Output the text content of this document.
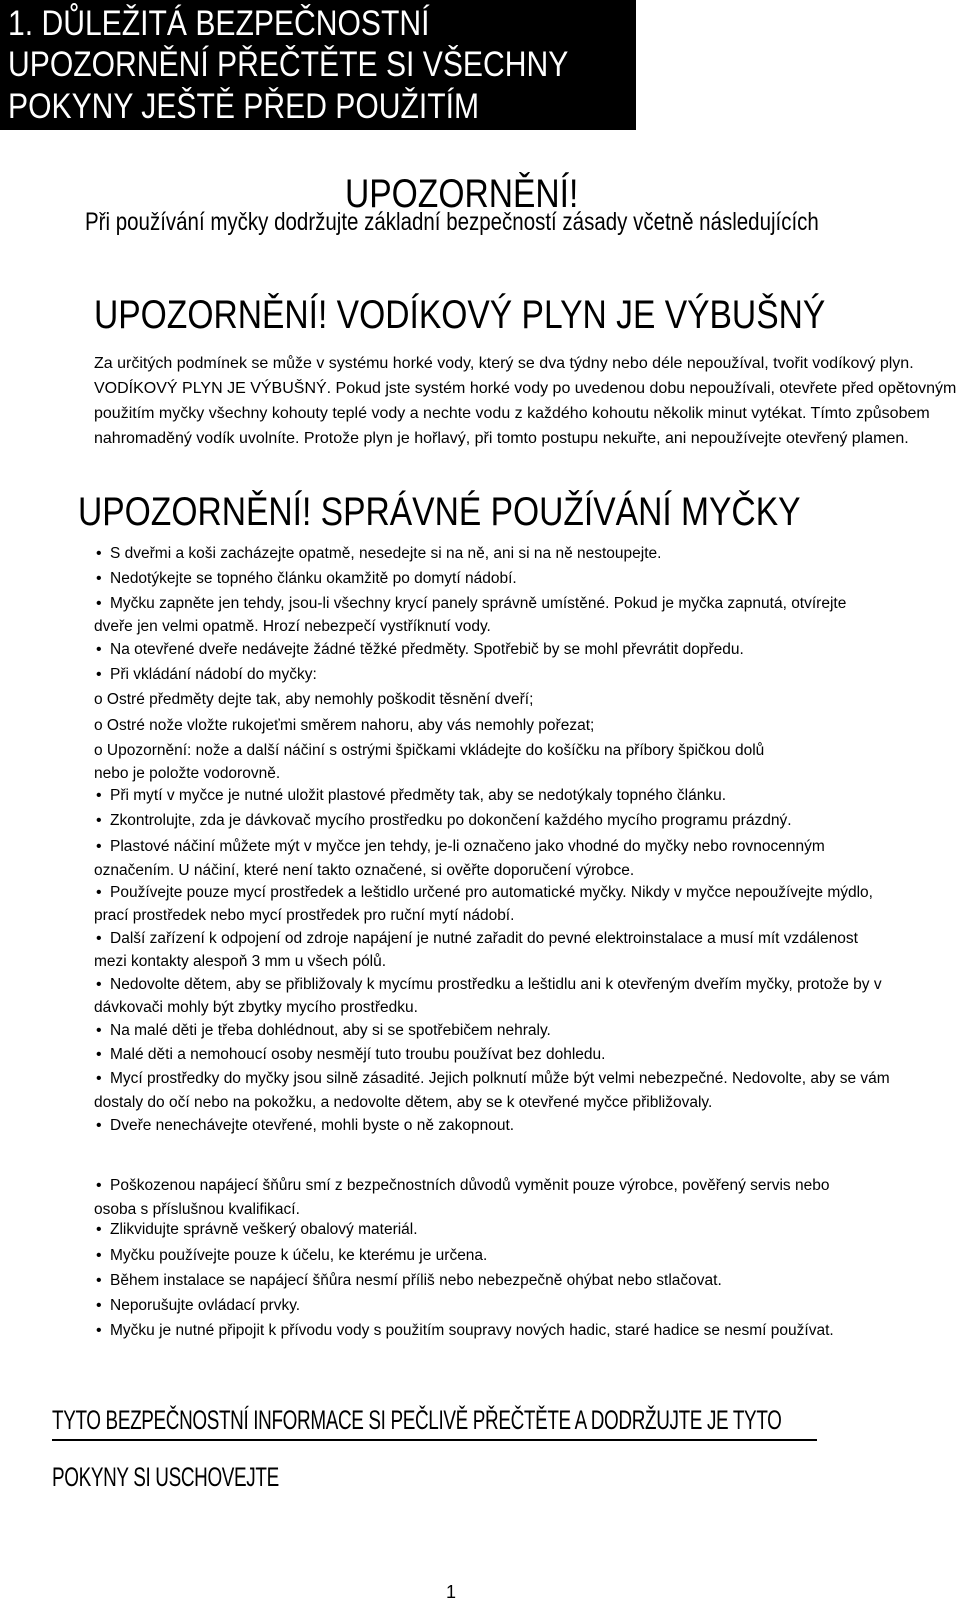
1. DŮLEŽITÁ BEZPEČNOSTNÍ
UPOZORNĚNÍ PŘEČTĚTE SI VŠECHNY
POKYNY JEŠTĚ PŘED POUŽITÍM
UPOZORNĚNÍ!
Při používání myčky dodržujte základní bezpečností zásady včetně následujících
UPOZORNĚNÍ! VODÍKOVÝ PLYN JE VÝBUŠNÝ

Za určitých podmínek se může v systému horké vody, který se dva týdny nebo déle nepoužíval, tvořit vodíkový plyn. VODÍKOVÝ PLYN JE VÝBUŠNÝ. Pokud jste systém horké vody po uvedenou dobu nepoužívali, otevřete před opětovným použitím myčky všechny kohouty teplé vody a nechte vodu z každého kohoutu několik minut vytékat. Tímto způsobem nahromaděný vodík uvolníte. Protože plyn je hořlavý, při tomto postupu nekuřte, ani nepoužívejte otevřený plamen.

UPOZORNĚNÍ! SPRÁVNÉ POUŽÍVÁNÍ MYČKY
• S dveřmi a koši zacházejte opatmě, nesedejte si na ně, ani si na ně nestoupejte.
• Nedotýkejte se topného článku okamžitě po domytí nádobí.
• Myčku zapněte jen tehdy, jsou-li všechny krycí panely správně umístěné. Pokud je myčka zapnutá, otvírejte
dveře jen velmi opatmě. Hrozí nebezpečí vystříknutí vody.
• Na otevřené dveře nedávejte žádné těžké předměty. Spotřebič by se mohl převrátit dopředu.
• Při vkládání nádobí do myčky:
o Ostré předměty dejte tak, aby nemohly poškodit těsnění dveří;
o Ostré nože vložte rukojeťmi směrem nahoru, aby vás nemohly pořezat;
o Upozornění: nože a další náčiní s ostrými špičkami vkládejte do košíčku na příbory špičkou dolů
nebo je položte vodorovně.
• Při mytí v myčce je nutné uložit plastové předměty tak, aby se nedotýkaly topného článku.
• Zkontrolujte, zda je dávkovač mycího prostředku po dokončení každého mycího programu prázdný.
• Plastové náčiní můžete mýt v myčce jen tehdy, je-li označeno jako vhodné do myčky nebo rovnocenným
označením. U náčiní, které není takto označené, si ověřte doporučení výrobce.
• Používejte pouze mycí prostředek a leštidlo určené pro automatické myčky. Nikdy v myčce nepoužívejte mýdlo,
prací prostředek nebo mycí prostředek pro ruční mytí nádobí.
• Další zařízení k odpojení od zdroje napájení je nutné zařadit do pevné elektroinstalace a musí mít vzdálenost
mezi kontakty alespoň 3 mm u všech pólů.
• Nedovolte dětem, aby se přibližovaly k mycímu prostředku a leštidlu ani k otevřeným dveřím myčky, protože by v
dávkovači mohly být zbytky mycího prostředku.
• Na malé děti je třeba dohlédnout, aby si se spotřebičem nehraly.
• Malé děti a nemohoucí osoby nesmějí tuto troubu používat bez dohledu.
• Mycí prostředky do myčky jsou silně zásadité. Jejich polknutí může být velmi nebezpečné. Nedovolte, aby se vám
dostaly do očí nebo na pokožku, a nedovolte dětem, aby se k otevřené myčce přibližovaly.
• Dveře nenechávejte otevřené, mohli byste o ně zakopnout.
• Poškozenou napájecí šňůru smí z bezpečnostních důvodů vyměnit pouze výrobce, pověřený servis nebo
osoba s příslušnou kvalifikací.
• Zlikvidujte správně veškerý obalový materiál.
• Myčku používejte pouze k účelu, ke kterému je určena.
• Během instalace se napájecí šňůra nesmí příliš nebo nebezpečně ohýbat nebo stlačovat.
• Neporušujte ovládací prvky.
• Myčku je nutné připojit k přívodu vody s použitím soupravy nových hadic, staré hadice se nesmí používat.
TYTO BEZPEČNOSTNÍ INFORMACE SI PEČLIVĚ PŘEČTĚTE A DODRŽUJTE JE TYTO
POKYNY SI USCHOVEJTE
1
